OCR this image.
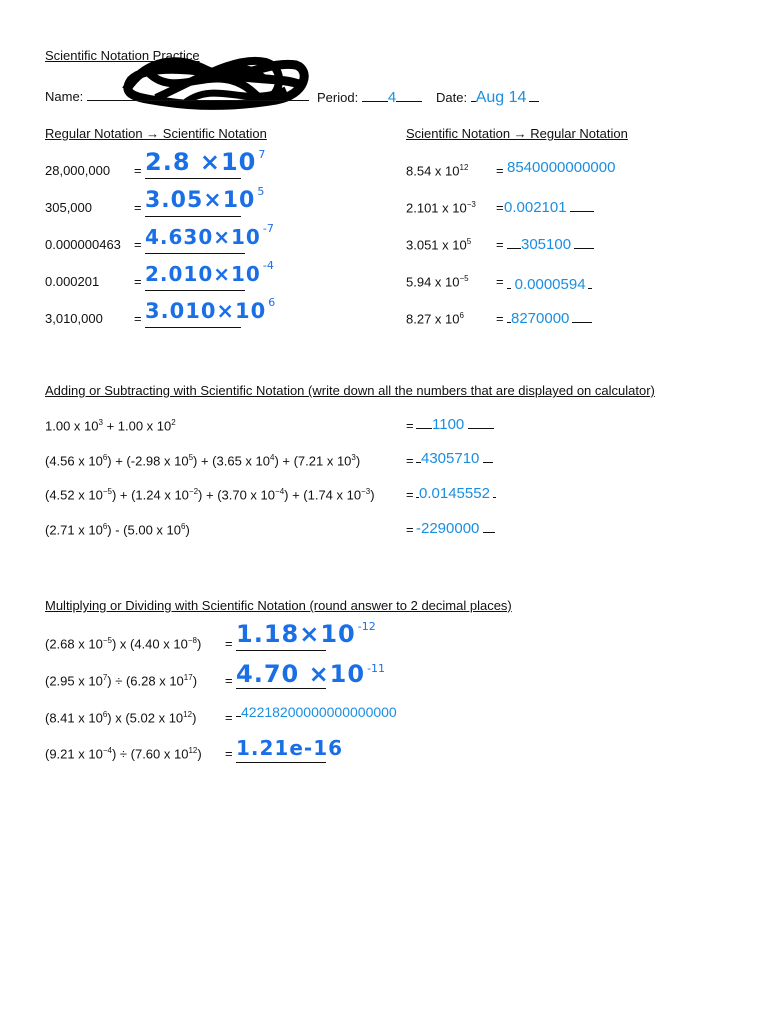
Scientific Notation Practice
Name:	Period: 4	Date: Aug 14
Regular Notation → Scientific Notation	Scientific Notation → Regular Notation
28,000,000 = 2.8 ×10 $^7$
305,000	= 3.05×10 $^5$
0.000000463 = 4.630×10 $^{-7}$
0.000201	= 2.010×10 $^{-4}$
3,010,000 = 3.010×10 $^6$
8.54 x $10^{12} = 8540000000000$
2.101 x $10^{-3} = 0.002101$
3.051 x $10^5$ =	305100
5.94 x $10^{-5} = 0.0000594$
8.27 x $10^6 = 8270000$
Adding or Subtracting with Scientific Notation (write down all the numbers that are displayed on calculator)
1.00 x $10^3 + 1.00$ x $10^2$	=	1100
(4.56 x $10^6) + (-2.98$ x $10^5) + (3.65$ x $10^4) + (7.21$ x $10^3$)	= 4305710
(4.52 x $10^{-5}) + (1.24$ x $10^{-2}) + (3.70$ x $10^{-4}) + (1.74$ x $10^{-3}) = 0.0145552$
(2.71 x $10^6) - (5.00$ x $10^6$)	= -2290000
Multiplying or Dividing with Scientific Notation (round answer to 2 decimal places)
(2.68 x $10^{-5}$) x (4.40 x $10^{-8}) = 1.18\times 10$ $^{-12}$
(2.95 x $10^7) \div (6.28$ x $10^{17}) = 4.70 \times 10$ $^{-11}$
(8.41 x $10^6$) x (5.02 x $10^{12}) = 42218200000000000000$
(9.21 x $10^{-4}) \div (7.60$ x $10^{12}) = 1.21e-16$
